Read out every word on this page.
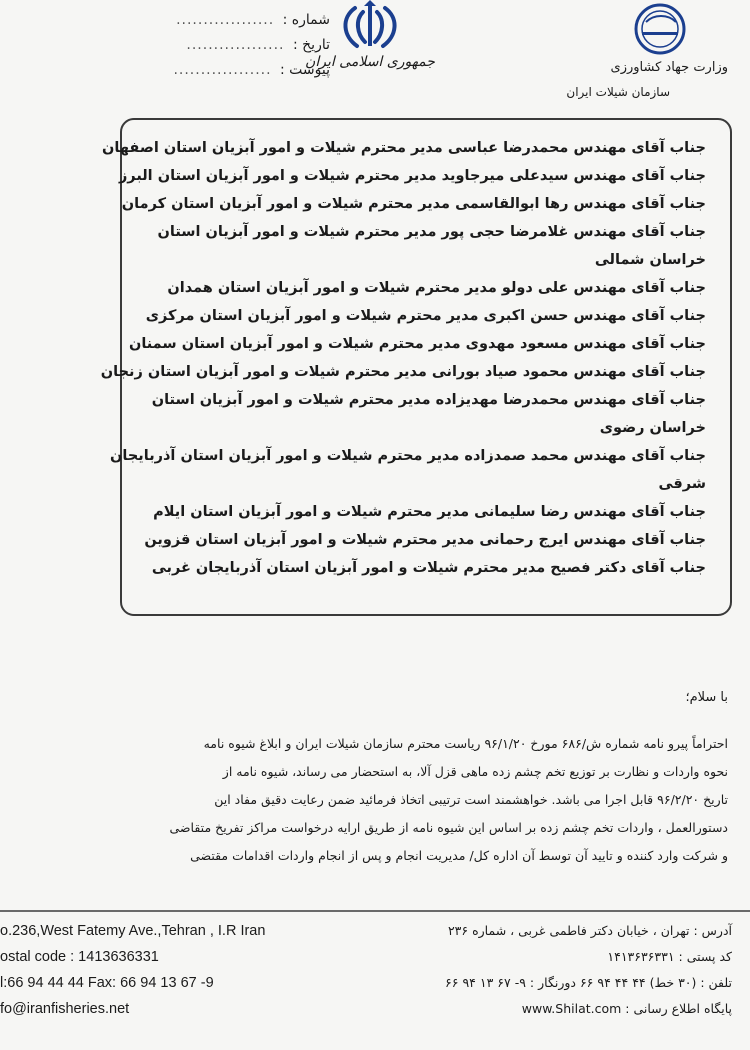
شماره : ..................
تاریخ : ..................
پیوست : ..................	جمهوری اسلامی ایران	وزارت جهاد کشاورزی
سازمان شیلات ایران
جناب آقای مهندس محمدرضا عباسی مدیر محترم شیلات و امور آبزیان استان اصفهان
جناب آقای مهندس سیدعلی میرجاوید مدیر محترم شیلات و امور آبزیان استان البرز
جناب آقای مهندس رها ابوالقاسمی مدیر محترم شیلات و امور آبزیان استان کرمان
جناب آقای مهندس غلامرضا حجی پور مدیر محترم شیلات و امور آبزیان استان
خراسان شمالی
جناب آقای مهندس علی دولو مدیر محترم شیلات و امور آبزیان استان همدان
جناب آقای مهندس حسن اکبری مدیر محترم شیلات و امور آبزیان استان مرکزی
جناب آقای مهندس مسعود مهدوی مدیر محترم شیلات و امور آبزیان استان سمنان
جناب آقای مهندس محمود صیاد بورانی مدیر محترم شیلات و امور آبزیان استان زنجان
جناب آقای مهندس محمدرضا مهدیزاده مدیر محترم شیلات و امور آبزیان استان
خراسان رضوی
جناب آقای مهندس محمد صمدزاده مدیر محترم شیلات و امور آبزیان استان آذربایجان
شرقی
جناب آقای مهندس رضا سلیمانی مدیر محترم شیلات و امور آبزیان استان ایلام
جناب آقای مهندس ایرج رحمانی مدیر محترم شیلات و امور آبزیان استان قزوین
جناب آقای دکتر فصیح مدیر محترم شیلات و امور آبزیان استان آذربایجان غربی
با سلام؛
احتراماً پیرو نامه شماره ش/۶۸۶ مورخ ۹۶/۱/۲۰ ریاست محترم سازمان شیلات ایران و ابلاغ شیوه نامه
نحوه واردات و نظارت بر توزیع تخم چشم زده ماهی قزل آلا، به استحضار می رساند، شیوه نامه از
تاریخ ۹۶/۲/۲۰ قابل اجرا می باشد. خواهشمند است ترتیبی اتخاذ فرمائید ضمن رعایت دقیق مفاد این
دستورالعمل ، واردات تخم چشم زده بر اساس این شیوه نامه از طریق ارایه درخواست مراکز تفریخ متقاضی
و شرکت وارد کننده و تایید آن توسط آن اداره کل/ مدیریت انجام و پس از انجام واردات اقدامات مقتضی
o.236,West Fatemy Ave.,Tehran , I.R Iran
ostal code : 1413636331
l:66 94 44 44 Fax: 66 94 13 67 -9
fo@iranfisheries.net
آدرس : تهران ، خیابان دکتر فاطمی غربی ، شماره ۲۳۶
کد پستی : ۱۴۱۳۶۳۶۳۳۱
تلفن : (۳۰ خط) ۴۴ ۴۴ ۹۴ ۶۶ دورنگار : ۹- ۶۷ ۱۳ ۹۴ ۶۶
پایگاه اطلاع رسانی : www.Shilat.com
